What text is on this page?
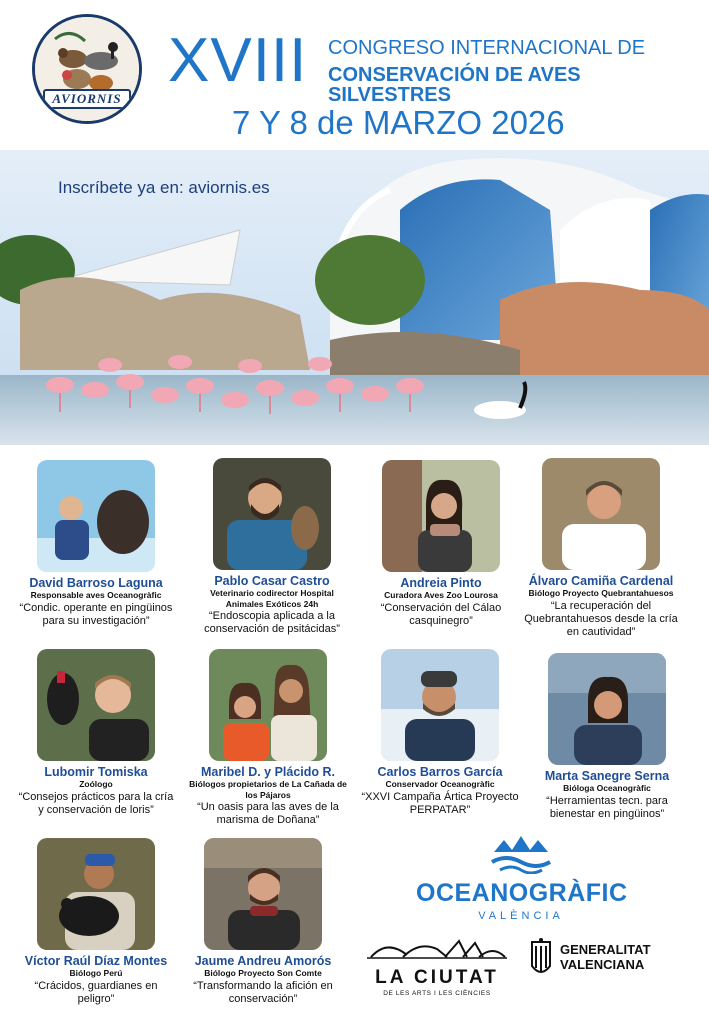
AVIORNIS
XVIII CONGRESO INTERNACIONAL DE
CONSERVACIÓN DE AVES SILVESTRES
7 Y 8 de MARZO 2026
Inscríbete ya en: aviornis.es
David Barroso Laguna
Responsable aves Oceanogràfic
“Condic. operante en pingüinos para su investigación”
Pablo Casar Castro
Veterinario codirector Hospital Animales Exóticos 24h
“Endoscopia aplicada a la conservación de psitácidas”
Andreia Pinto
Curadora Aves Zoo Lourosa
“Conservación del Cálao casquinegro”
Álvaro Camiña Cardenal
Biólogo Proyecto Quebrantahuesos
“La recuperación del Quebrantahuesos desde la cría en cautividad”
Lubomir Tomiska
Zoólogo
“Consejos prácticos para la cría y conservación de loris”
Maribel D. y Plácido R.
Biólogos propietarios de La Cañada de los Pájaros
“Un oasis para las aves de la marisma de Doñana”
Carlos Barros García
Conservador Oceanogràfic
“XXVI Campaña Ártica Proyecto PERPATAR”
Marta Sanegre Serna
Bióloga Oceanogràfic
“Herramientas tecn. para bienestar en pingüinos”
Víctor Raúl Díaz Montes
Biólogo Perú
“Crácidos, guardianes en peligro”
Jaume Andreu Amorós
Biólogo Proyecto Son Comte
“Transformando la afición en conservación”
OCEANOGRÀFIC
VALÈNCIA
LA CIUTAT
DE LES ARTS I LES CIÈNCIES
GENERALITAT
VALENCIANA
